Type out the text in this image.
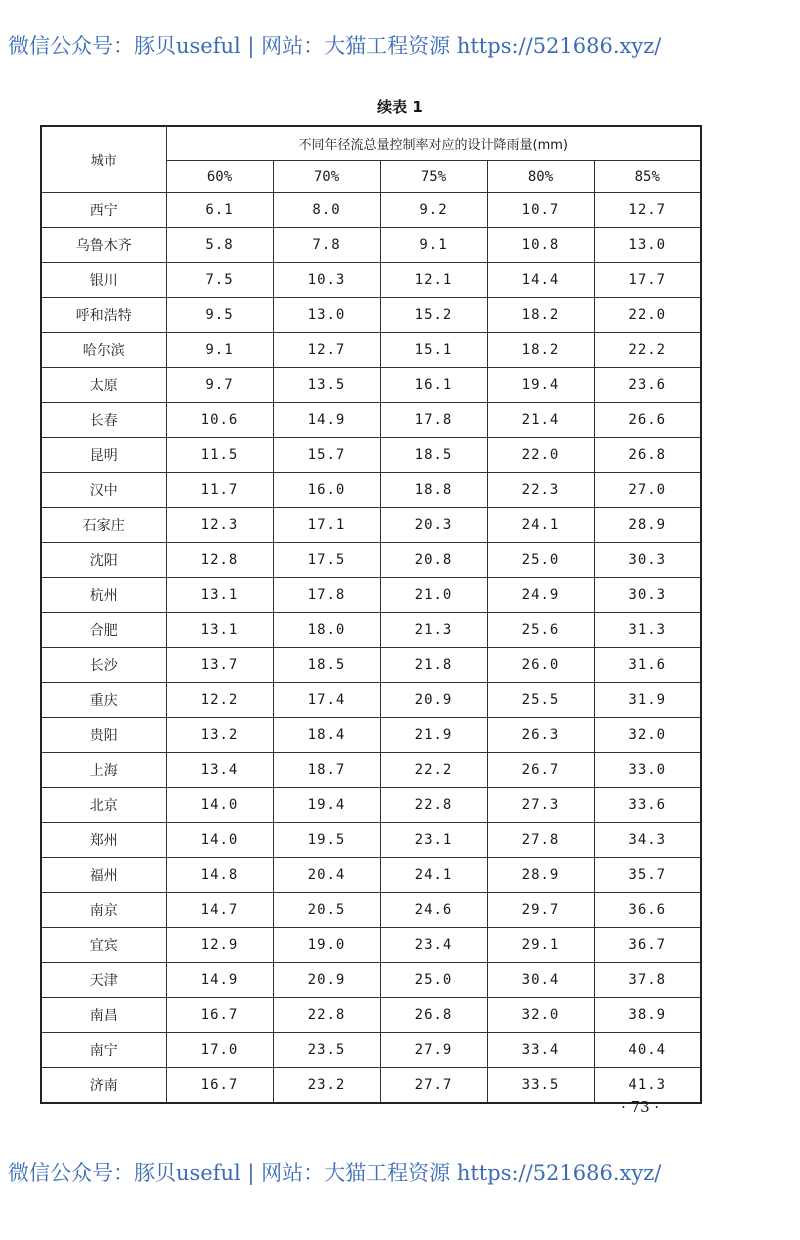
微信公众号：豚贝useful | 网站：大猫工程资源 https://521686.xyz/
续表 1
城市	不同年径流总量控制率对应的设计降雨量(mm)				
	60%	70%	75%	80%	85%
西宁	6.1	8.0	9.2	10.7	12.7
乌鲁木齐	5.8	7.8	9.1	10.8	13.0
银川	7.5	10.3	12.1	14.4	17.7
呼和浩特	9.5	13.0	15.2	18.2	22.0
哈尔滨	9.1	12.7	15.1	18.2	22.2
太原	9.7	13.5	16.1	19.4	23.6
长春	10.6	14.9	17.8	21.4	26.6
昆明	11.5	15.7	18.5	22.0	26.8
汉中	11.7	16.0	18.8	22.3	27.0
石家庄	12.3	17.1	20.3	24.1	28.9
沈阳	12.8	17.5	20.8	25.0	30.3
杭州	13.1	17.8	21.0	24.9	30.3
合肥	13.1	18.0	21.3	25.6	31.3
长沙	13.7	18.5	21.8	26.0	31.6
重庆	12.2	17.4	20.9	25.5	31.9
贵阳	13.2	18.4	21.9	26.3	32.0
上海	13.4	18.7	22.2	26.7	33.0
北京	14.0	19.4	22.8	27.3	33.6
郑州	14.0	19.5	23.1	27.8	34.3
福州	14.8	20.4	24.1	28.9	35.7
南京	14.7	20.5	24.6	29.7	36.6
宜宾	12.9	19.0	23.4	29.1	36.7
天津	14.9	20.9	25.0	30.4	37.8
南昌	16.7	22.8	26.8	32.0	38.9
南宁	17.0	23.5	27.9	33.4	40.4
济南	16.7	23.2	27.7	33.5	41.3
· 73 ·
微信公众号：豚贝useful | 网站：大猫工程资源 https://521686.xyz/
